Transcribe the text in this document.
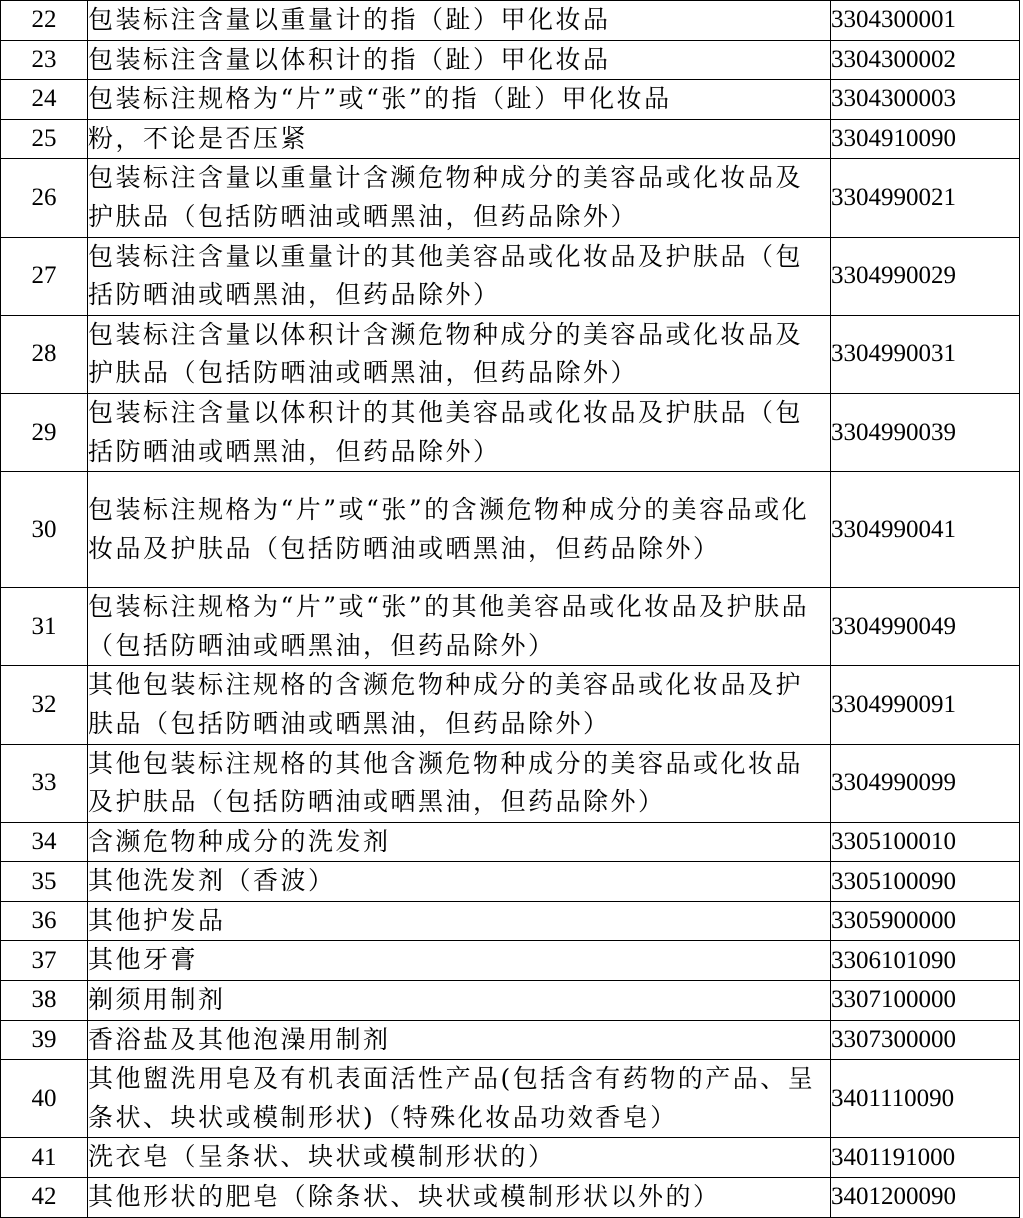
22	包装标注含量以重量计的指（趾）甲化妆品	3304300001
23	包装标注含量以体积计的指（趾）甲化妆品	3304300002
24	包装标注规格为“片”或“张”的指（趾）甲化妆品	3304300003
25	粉，不论是否压紧	3304910090
26	包装标注含量以重量计含濒危物种成分的美容品或化妆品及护肤品（包括防晒油或晒黑油，但药品除外）	3304990021
27	包装标注含量以重量计的其他美容品或化妆品及护肤品（包括防晒油或晒黑油，但药品除外）	3304990029
28	包装标注含量以体积计含濒危物种成分的美容品或化妆品及护肤品（包括防晒油或晒黑油，但药品除外）	3304990031
29	包装标注含量以体积计的其他美容品或化妆品及护肤品（包括防晒油或晒黑油，但药品除外）	3304990039
30	包装标注规格为“片”或“张”的含濒危物种成分的美容品或化妆品及护肤品（包括防晒油或晒黑油，但药品除外）	3304990041
31	包装标注规格为“片”或“张”的其他美容品或化妆品及护肤品（包括防晒油或晒黑油，但药品除外）	3304990049
32	其他包装标注规格的含濒危物种成分的美容品或化妆品及护肤品（包括防晒油或晒黑油，但药品除外）	3304990091
33	其他包装标注规格的其他含濒危物种成分的美容品或化妆品及护肤品（包括防晒油或晒黑油，但药品除外）	3304990099
34	含濒危物种成分的洗发剂	3305100010
35	其他洗发剂（香波）	3305100090
36	其他护发品	3305900000
37	其他牙膏	3306101090
38	剃须用制剂	3307100000
39	香浴盐及其他泡澡用制剂	3307300000
40	其他盥洗用皂及有机表面活性产品(包括含有药物的产品、呈条状、块状或模制形状)（特殊化妆品功效香皂）	3401110090
41	洗衣皂（呈条状、块状或模制形状的）	3401191000
42	其他形状的肥皂（除条状、块状或模制形状以外的）	3401200090
